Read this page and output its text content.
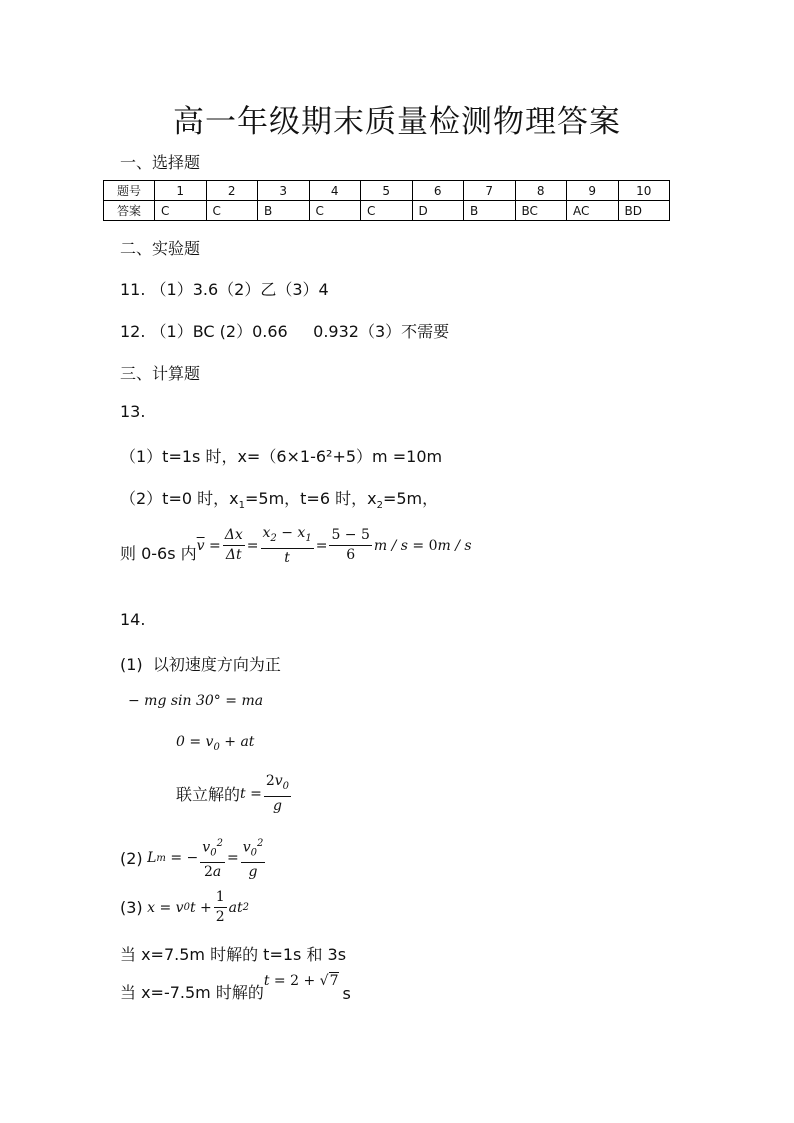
高一年级期末质量检测物理答案
一、选择题
题号	1	2	3	4	5	6	7	8	9	10
答案	C	C	B	C	C	D	B	BC	AC	BD
二、实验题
11. （1）3.6（2）乙（3）4
12. （1）BC (2）0.66     0.932（3）不需要
三、计算题
13.
（1）t=1s 时，x=（6×1-6²+5）m =10m
（2）t=0 时，$x_1=5m$，t=6 时，$x_2=5m$，
则 0-6s 内 $\overline{v} = \frac{\Delta x}{\Delta t} = \frac{x_2 - x_1}{t} = \frac{5 - 5}{6}$ m / s = 0 m / s
14.
(1)  以初速度方向为正
− mg sin 30° = ma
$0 = v_0$ + at
联立解的 $t = \frac{2v_0}{g}$
(2) L m = − $\frac{v_0^2}{2a} = \frac{v_0^2}{g}$
(3) x = v 0 $t + \frac{1}{2}$ at 2
当 x=7.5m 时解的 t=1s 和 3s
当 x=-7.5m 时解的
t = 2 + √7
s
